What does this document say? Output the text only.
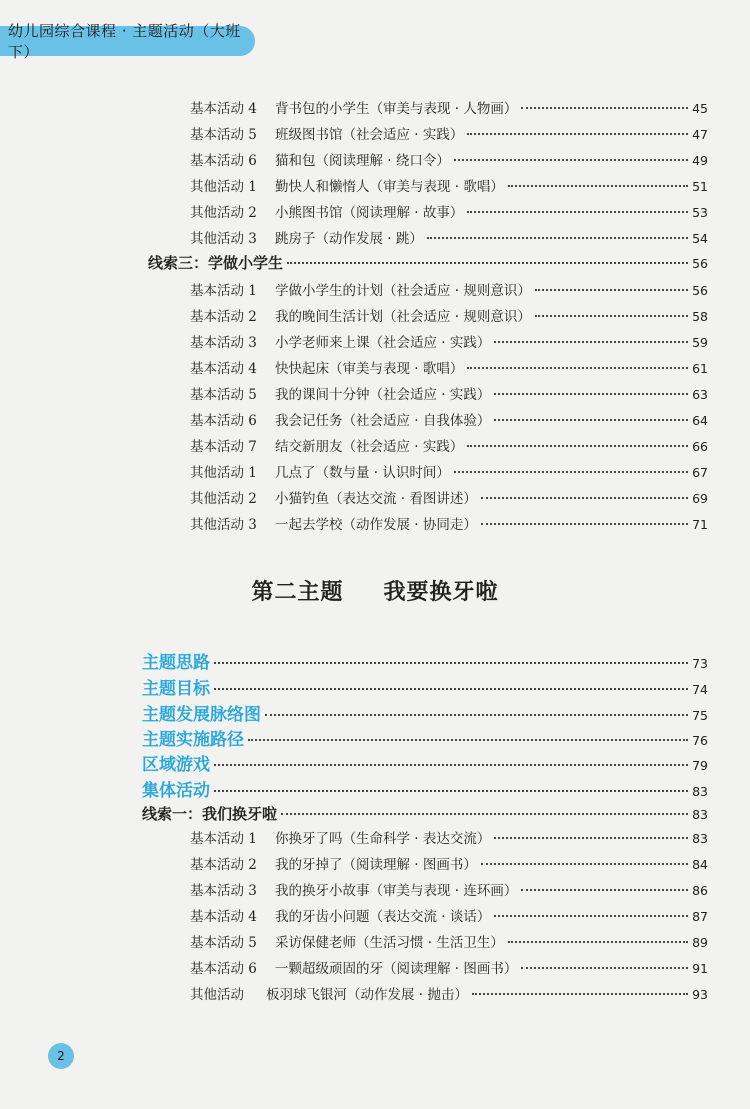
幼儿园综合课程 · 主题活动（大班下）
基本活动 4	背书包的小学生（审美与表现 · 人物画）	45
基本活动 5	班级图书馆（社会适应 · 实践）	47
基本活动 6	猫和包（阅读理解 · 绕口令）	49
其他活动 1	勤快人和懒惰人（审美与表现 · 歌唱）	51
其他活动 2	小熊图书馆（阅读理解 · 故事）	53
其他活动 3	跳房子（动作发展 · 跳）	54
线索三：学做小学生	56
基本活动 1	学做小学生的计划（社会适应 · 规则意识）	56
基本活动 2	我的晚间生活计划（社会适应 · 规则意识）	58
基本活动 3	小学老师来上课（社会适应 · 实践）	59
基本活动 4	快快起床（审美与表现 · 歌唱）	61
基本活动 5	我的课间十分钟（社会适应 · 实践）	63
基本活动 6	我会记任务（社会适应 · 自我体验）	64
基本活动 7	结交新朋友（社会适应 · 实践）	66
其他活动 1	几点了（数与量 · 认识时间）	67
其他活动 2	小猫钓鱼（表达交流 · 看图讲述）	69
其他活动 3	一起去学校（动作发展 · 协同走）	71
第二主题 我要换牙啦
主题思路	73
主题目标	74
主题发展脉络图	75
主题实施路径	76
区域游戏	79
集体活动	83
线索一：我们换牙啦	83
基本活动 1	你换牙了吗（生命科学 · 表达交流）	83
基本活动 2	我的牙掉了（阅读理解 · 图画书）	84
基本活动 3	我的换牙小故事（审美与表现 · 连环画）	86
基本活动 4	我的牙齿小问题（表达交流 · 谈话）	87
基本活动 5	采访保健老师（生活习惯 · 生活卫生）	89
基本活动 6	一颗超级顽固的牙（阅读理解 · 图画书）	91
其他活动	板羽球飞银河（动作发展 · 抛击）	93
2
